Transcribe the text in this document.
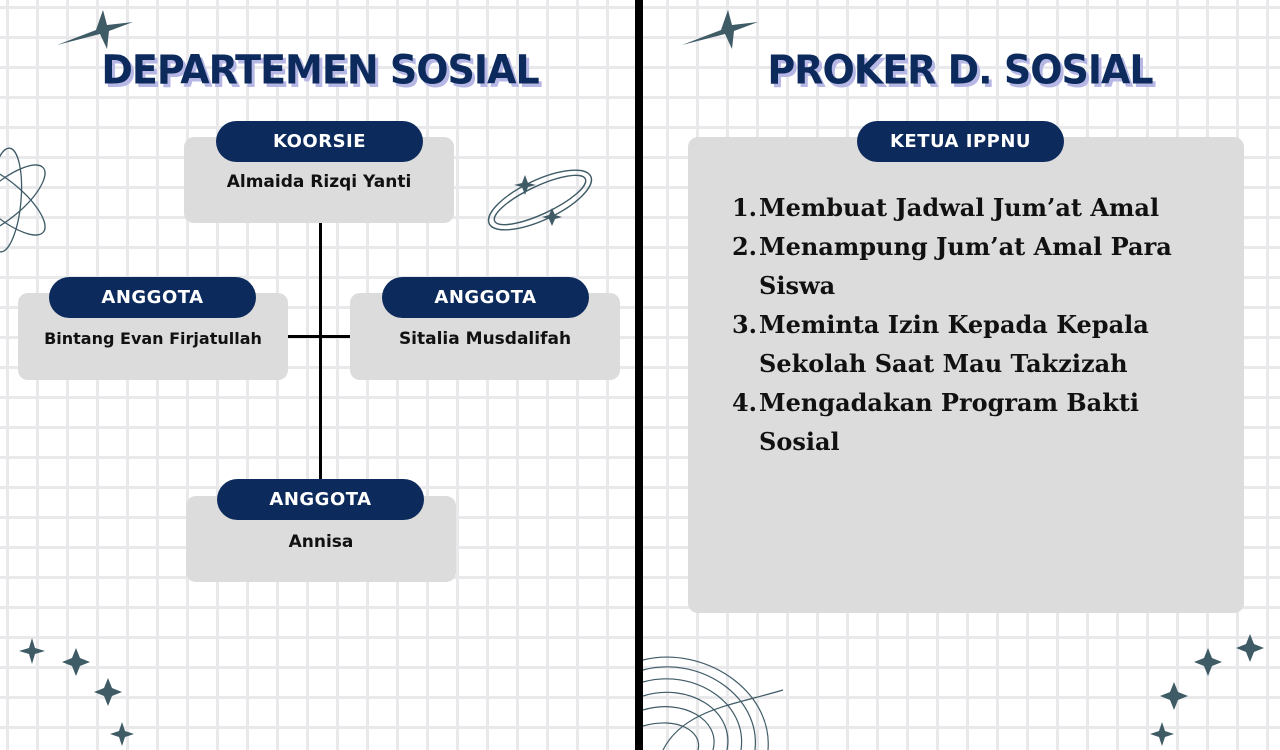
DEPARTEMEN SOSIAL
KOORSIE
Almaida Rizqi Yanti
ANGGOTA
Bintang Evan Firjatullah
ANGGOTA
Sitalia Musdalifah
ANGGOTA
Annisa
PROKER D. SOSIAL
KETUA IPPNU
1. Membuat Jadwal Jum’at Amal
2. Menampung Jum’at Amal Para Siswa
3. Meminta Izin Kepada Kepala Sekolah Saat Mau Takzizah
4. Mengadakan Program Bakti Sosial
